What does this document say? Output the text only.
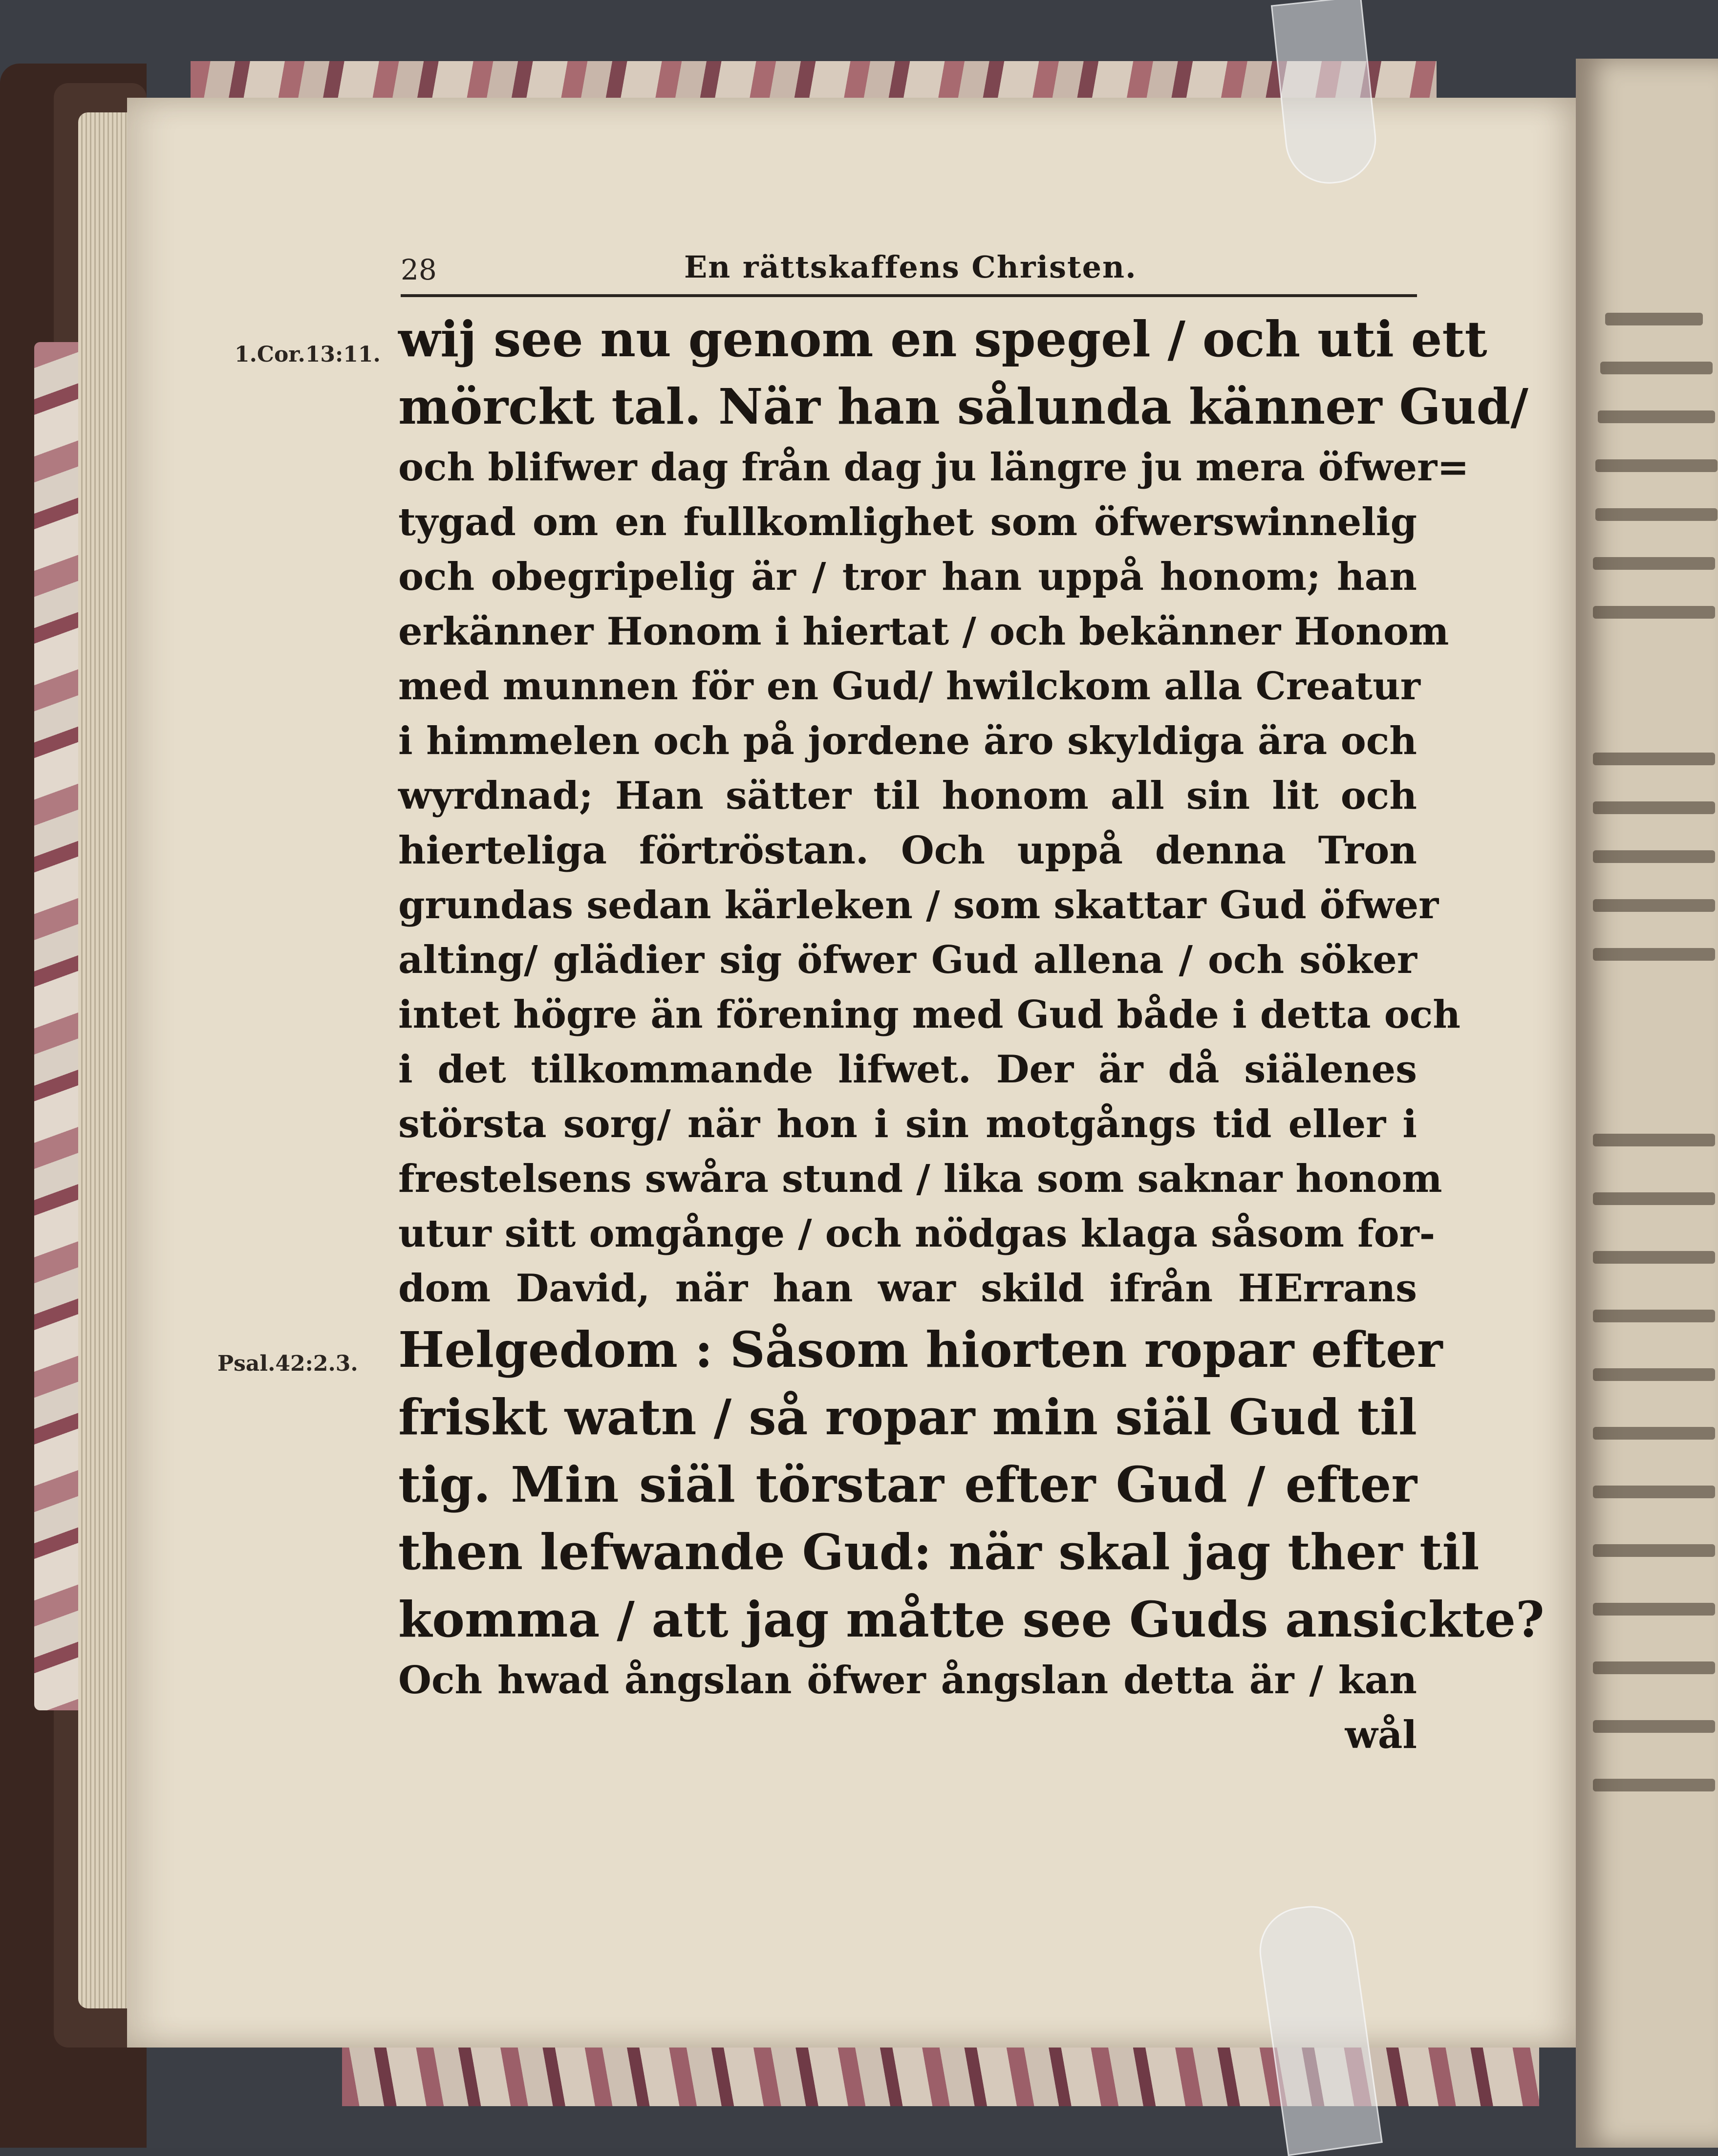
28	En rättskaffens Christen.
1.Cor.13:11.
Psal.42:2.3.
wij see nu genom en spegel / och uti ett
mörckt tal. När han sålunda känner Gud/
och blifwer dag från dag ju längre ju mera öfwer=
tygad om en fullkomlighet som öfwerswinnelig
och obegripelig är / tror han uppå honom; han
erkänner Honom i hiertat / och bekänner Honom
med munnen för en Gud/ hwilckom alla Creatur
i himmelen och på jordene äro skyldiga ära och
wyrdnad; Han sätter til honom all sin lit och
hierteliga förtröstan. Och uppå denna Tron
grundas sedan kärleken / som skattar Gud öfwer
alting/ glädier sig öfwer Gud allena / och söker
intet högre än förening med Gud både i detta och
i det tilkommande lifwet. Der är då siälenes
största sorg/ när hon i sin motgångs tid eller i
frestelsens swåra stund / lika som saknar honom
utur sitt omgånge / och nödgas klaga såsom for-
dom David, när han war skild ifrån HErrans
Helgedom : Såsom hiorten ropar efter
friskt watn / så ropar min siäl Gud til
tig. Min siäl törstar efter Gud / efter
then lefwande Gud: när skal jag ther til
komma / att jag måtte see Guds ansickte?
Och hwad ångslan öfwer ångslan detta är / kan
wål
